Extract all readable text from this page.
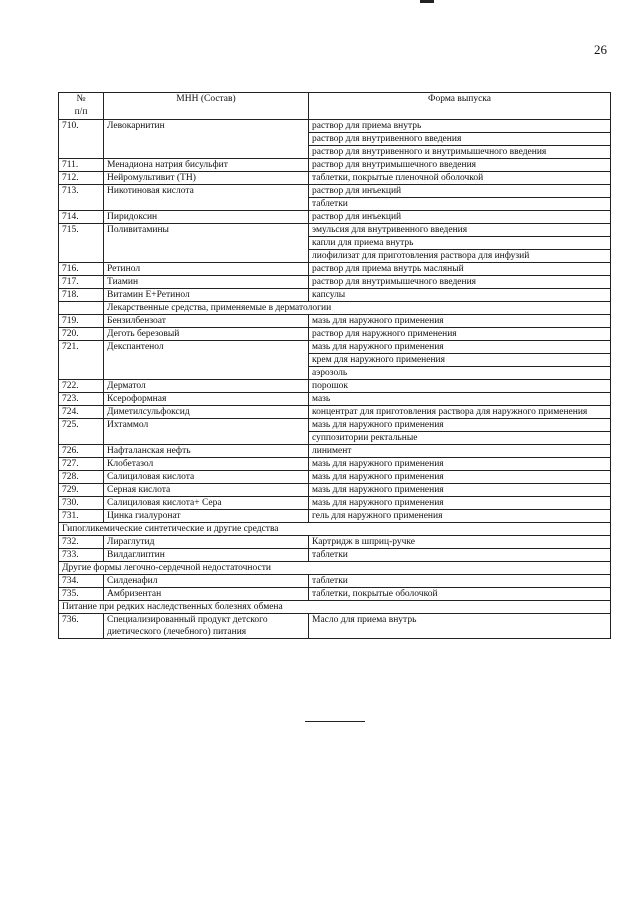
26
№
п/п	МНН (Состав)	Форма выпуска
710.	Левокарнитин	раствор для приема внутрь
раствор для внутривенного введения
раствор для внутривенного и внутримышечного введения

711.	Менадиона натрия бисульфит	раствор для внутримышечного введения

712.	Нейромультивит (ТН)	таблетки, покрытые пленочной оболочкой

713.	Никотиновая кислота	раствор для инъекций
таблетки

714.	Пиридоксин	раствор для инъекций

715.	Поливитамины	эмульсия для внутривенного введения
капли для приема внутрь
лиофилизат для приготовления раствора для инфузий

716.	Ретинол	раствор для приема внутрь масляный

717.	Тиамин	раствор для внутримышечного введения

718.	Витамин Е+Ретинол	капсулы

	Лекарственные средства, применяемые в дерматологии	
719.	Бензилбензоат	мазь для наружного применения

720.	Деготь березовый	раствор для наружного применения

721.	Декспантенол	мазь для наружного применения
крем для наружного применения
аэрозоль

722.	Дерматол	порошок

723.	Ксероформная	мазь

724.	Диметилсульфоксид	концентрат для приготовления раствора для наружного применения

725.	Ихтаммол	мазь для наружного применения
суппозитории ректальные

726.	Нафталанская нефть	линимент

727.	Клобетазол	мазь для наружного применения

728.	Салициловая кислота	мазь для наружного применения

729.	Серная кислота	мазь для наружного применения

730.	Салициловая кислота+ Сера	мазь для наружного применения

731.	Цинка гиалуронат	гель для наружного применения

Гипогликемические синтетические и другие средства		
732.	Лираглутид	Картридж в шприц-ручке

733.	Вилдаглиптин	таблетки

Другие формы легочно-сердечной недостаточности		
734.	Силденафил	таблетки

735.	Амбризентан	таблетки, покрытые оболочкой

Питание при редких наследственных болезнях обмена		
736.	Специализированный продукт детского диетического (лечебного) питания	Масло для приема внутрь
